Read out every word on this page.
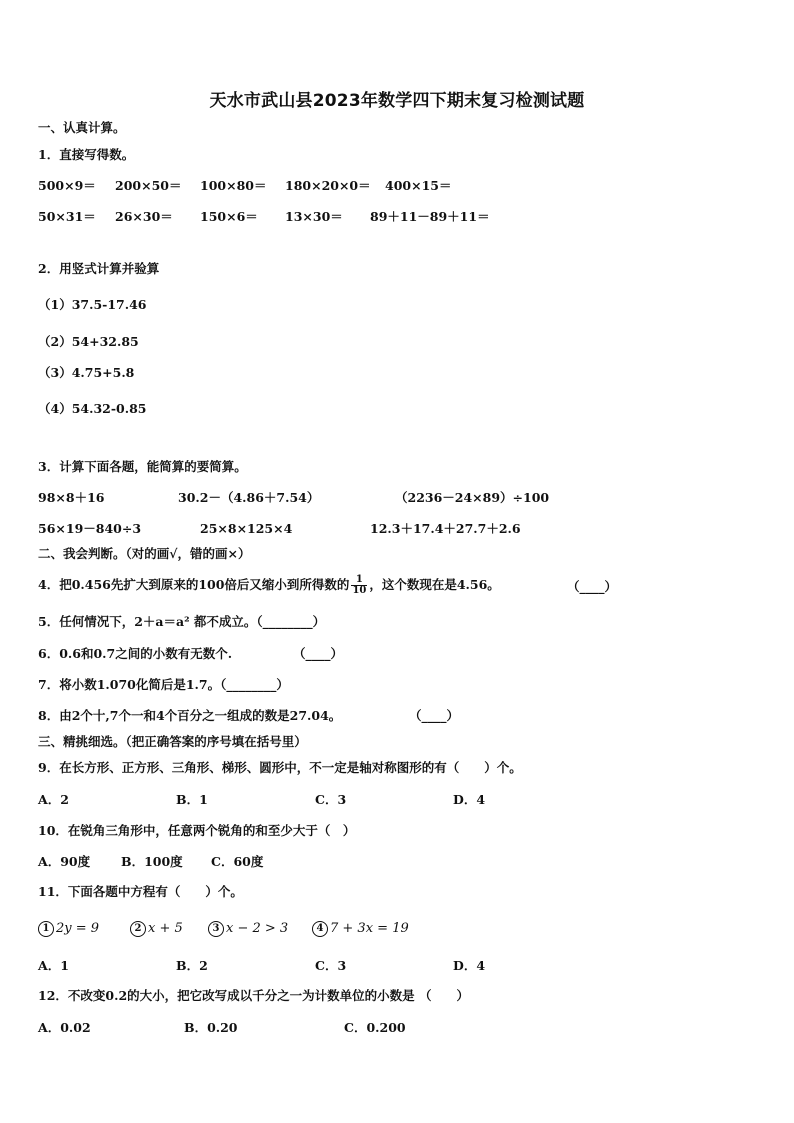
天水市武山县2023年数学四下期末复习检测试题
一、认真计算。
1．直接写得数。
500×9＝ 200×50＝ 100×80＝ 180×20×0＝ 400×15＝
50×31＝ 26×30＝ 150×6＝ 13×30＝ 89＋11－89＋11＝
2．用竖式计算并验算
（1）37.5-17.46
（2）54+32.85
（3）4.75+5.8
（4）54.32-0.85
3．计算下面各题，能简算的要简算。
98×8＋16	30.2－（4.86＋7.54）	（2236－24×89）÷100
56×19－840÷3	25×8×125×4	12.3＋17.4＋27.7＋2.6
二、我会判断。（对的画√，错的画×）
4．把0.456先扩大到原来的100倍后又缩小到所得数的 $\frac{1}{10}$ ，这个数现在是4.56。	（____）
5．任何情况下，2＋a＝a² 都不成立。（________）
6．0.6和0.7之间的小数有无数个.	（____）
7．将小数1.070化简后是1.7。（________）
8．由2个十,7个一和4个百分之一组成的数是27.04。	（____）
三、精挑细选。（把正确答案的序号填在括号里）
9．在长方形、正方形、三角形、梯形、圆形中，不一定是轴对称图形的有（　　）个。
A．2	B．1	C．3	D．4
10．在锐角三角形中，任意两个锐角的和至少大于（　）
A．90度 B．100度 C．60度
11．下面各题中方程有（　　）个。
1 2y = 9	2 x + 5	3 x − 2 > 3	4 7 + 3x = 19
A．1	B．2	C．3	D．4
12．不改变0.2的大小，把它改写成以千分之一为计数单位的小数是 （　　）
A．0.02	B．0.20	C．0.200
